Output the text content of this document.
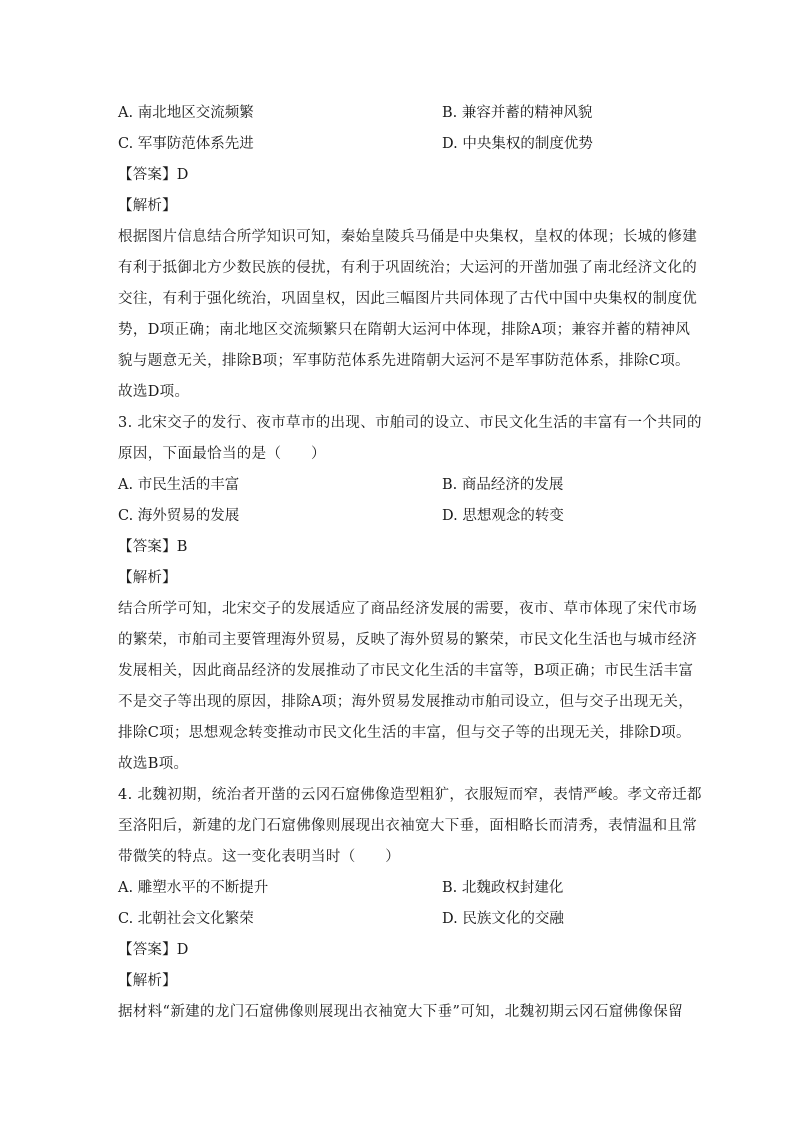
A. 南北地区交流频繁	B. 兼容并蓄的精神风貌
C. 军事防范体系先进	D. 中央集权的制度优势
【答案】D
【解析】
根据图片信息结合所学知识可知，秦始皇陵兵马俑是中央集权，皇权的体现；长城的修建
有利于抵御北方少数民族的侵扰，有利于巩固统治；大运河的开凿加强了南北经济文化的
交往，有利于强化统治，巩固皇权，因此三幅图片共同体现了古代中国中央集权的制度优
势，D项正确；南北地区交流频繁只在隋朝大运河中体现，排除A项；兼容并蓄的精神风
貌与题意无关，排除B项；军事防范体系先进隋朝大运河不是军事防范体系，排除C项。
故选D项。
3. 北宋交子的发行、夜市草市的出现、市舶司的设立、市民文化生活的丰富有一个共同的
原因，下面最恰当的是（　　）
A. 市民生活的丰富	B. 商品经济的发展
C. 海外贸易的发展	D. 思想观念的转变
【答案】B
【解析】
结合所学可知，北宋交子的发展适应了商品经济发展的需要，夜市、草市体现了宋代市场
的繁荣，市舶司主要管理海外贸易，反映了海外贸易的繁荣，市民文化生活也与城市经济
发展相关，因此商品经济的发展推动了市民文化生活的丰富等，B项正确；市民生活丰富
不是交子等出现的原因，排除A项；海外贸易发展推动市舶司设立，但与交子出现无关，
排除C项；思想观念转变推动市民文化生活的丰富，但与交子等的出现无关，排除D项。
故选B项。
4. 北魏初期，统治者开凿的云冈石窟佛像造型粗犷，衣服短而窄，表情严峻。孝文帝迁都
至洛阳后，新建的龙门石窟佛像则展现出衣袖宽大下垂，面相略长而清秀，表情温和且常
带微笑的特点。这一变化表明当时（　　）
A. 雕塑水平的不断提升	B. 北魏政权封建化
C. 北朝社会文化繁荣	D. 民族文化的交融
【答案】D
【解析】
据材料“新建的龙门石窟佛像则展现出衣袖宽大下垂”可知，北魏初期云冈石窟佛像保留
